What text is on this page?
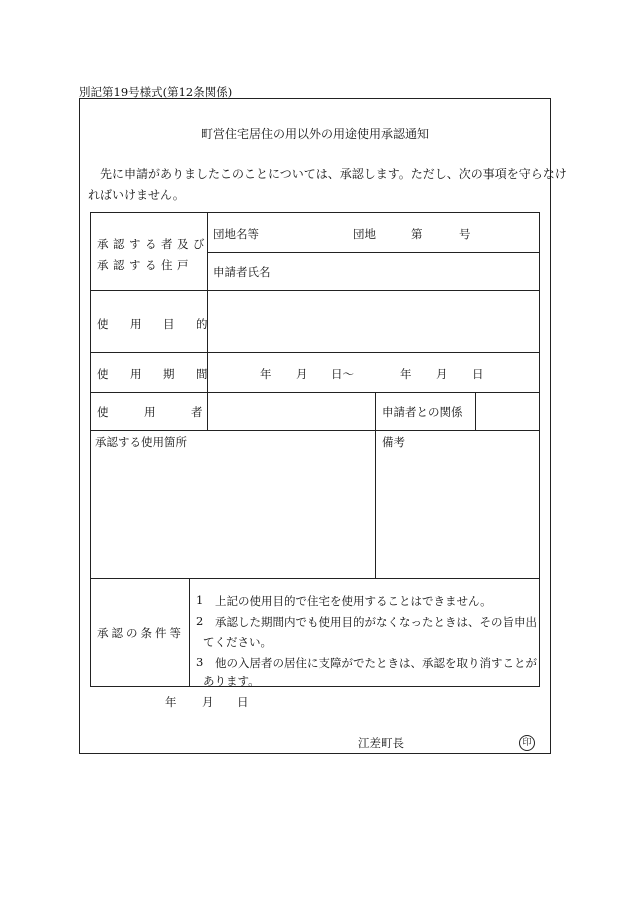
別記第19号様式(第12条関係)
町営住宅居住の用以外の用途使用承認通知
先に申請がありましたこのことについては、承認します。ただし、次の事項を守らなけ
ればいけません。
承認する者及び
承認する住戸
団地名等	団地	第	号
申請者氏名
使　用　目　的
使　用　期　間	年 月 日〜	年 月 日
使　用　者	申請者との関係
承認する使用箇所	備考
承認の条件等
1 上記の使用目的で住宅を使用することはできません。
2 承認した期間内でも使用目的がなくなったときは、その旨申出
てください。
3 他の入居者の居住に支障がでたときは、承認を取り消すことが
あります。
年 月 日
江差町長	印
